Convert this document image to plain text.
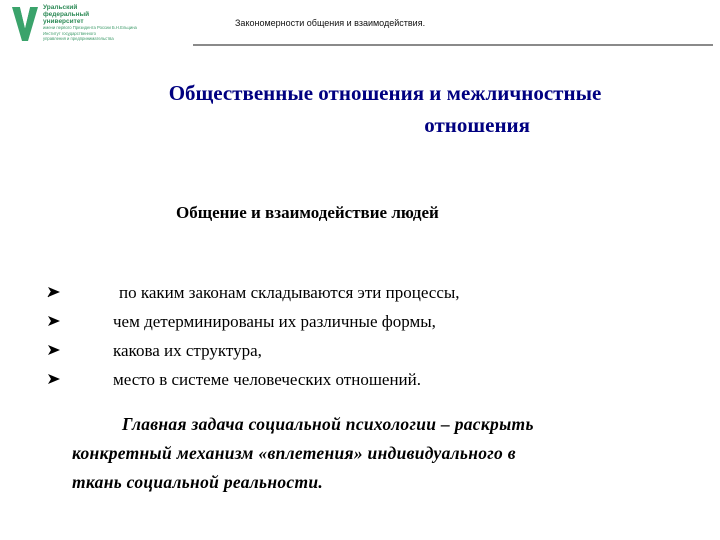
Уральский
федеральный
университет
имени первого Президента России Б.Н.Ельцина
Институт государственного
управления и предпринимательства
Закономерности общения и взаимодействия.
Общественные отношения и межличностные
отношения
Общение и взаимодействие людей
по каким законам складываются эти процессы,
чем детерминированы их различные формы,
какова их структура,
место в системе человеческих отношений.
Главная задача социальной психологии – раскрыть
конкретный механизм «вплетения» индивидуального в
ткань социальной реальности.
